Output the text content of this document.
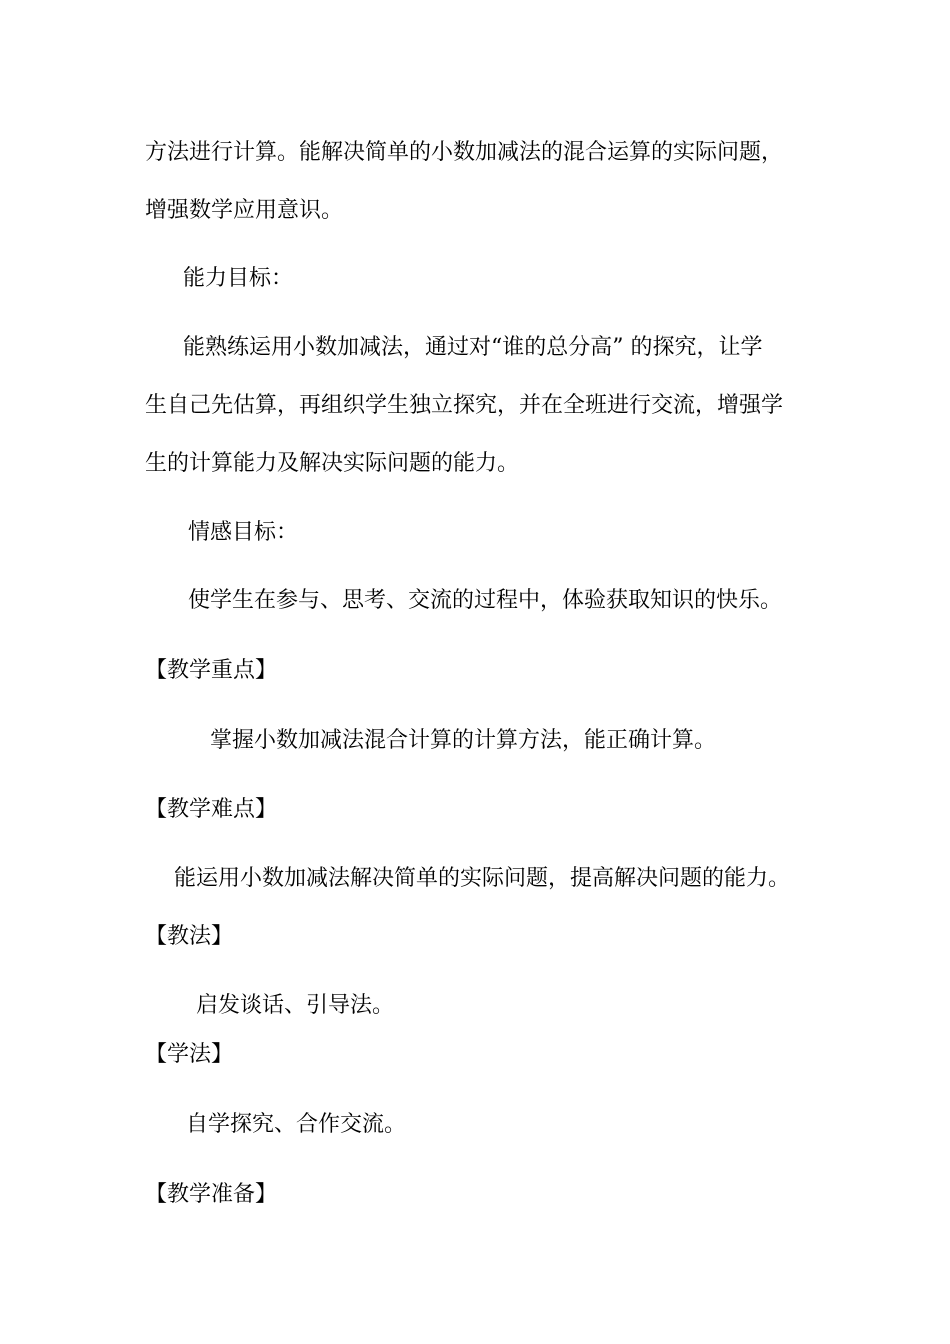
方法进行计算。能解决简单的小数加减法的混合运算的实际问题，

增强数学应用意识。

能力目标：

能熟练运用小数加减法，通过对“谁的总分高” 的探究，让学

生自己先估算，再组织学生独立探究，并在全班进行交流，增强学

生的计算能力及解决实际问题的能力。

情感目标：

使学生在参与、思考、交流的过程中，体验获取知识的快乐。

【教学重点】

掌握小数加减法混合计算的计算方法，能正确计算。

【教学难点】

能运用小数加减法解决简单的实际问题，提高解决问题的能力。

【教法】

启发谈话、引导法。

【学法】

自学探究、合作交流。

【教学准备】
